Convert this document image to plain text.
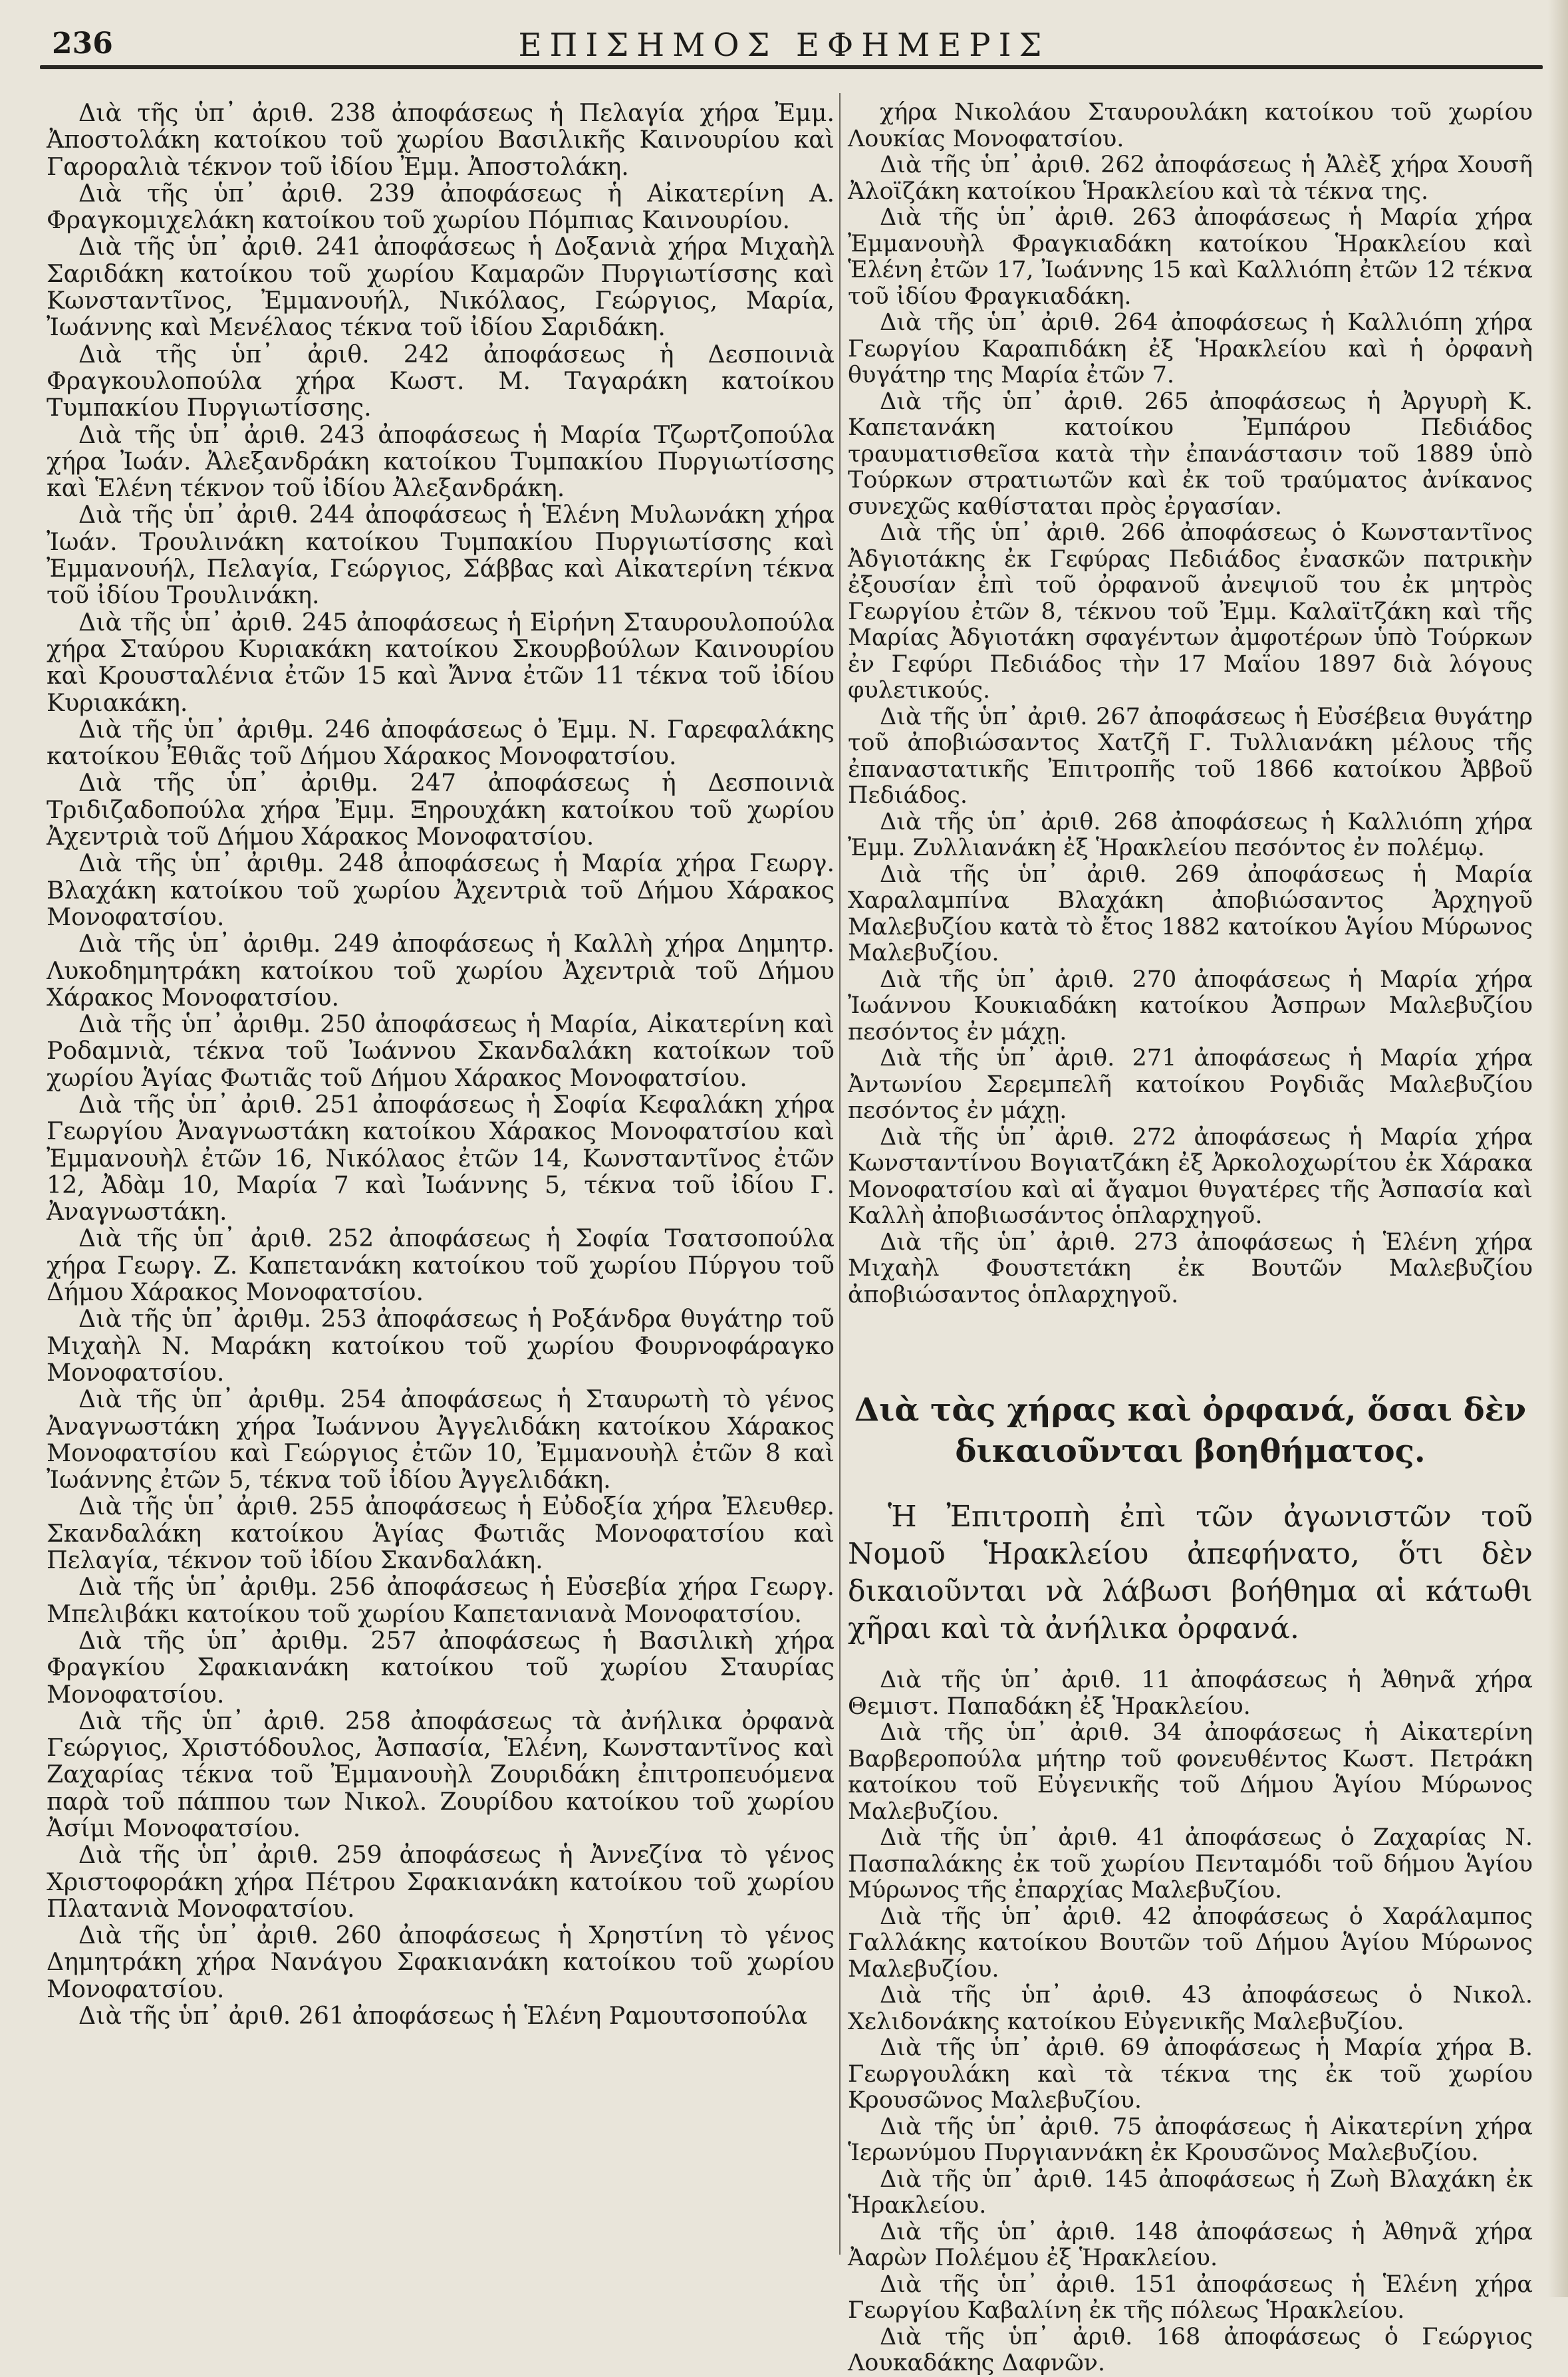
236	ΕΠΙΣΗΜΟΣ ΕΦΗΜΕΡΙΣ

Διὰ τῆς ὑπ᾿ ἀριθ. 238 ἀποφάσεως ἡ Πελαγία χήρα Ἐμμ. Ἀποστολάκη κατοίκου τοῦ χωρίου Βασιλικῆς Καινουρίου καὶ Γαροραλιὰ τέκνον τοῦ ἰδίου Ἐμμ. Ἀποστολάκη.

Διὰ τῆς ὑπ᾿ ἀριθ. 239 ἀποφάσεως ἡ Αἰκατερίνη Α. Φραγκομιχελάκη κατοίκου τοῦ χωρίου Πόμπιας Καινουρίου.

Διὰ τῆς ὑπ᾿ ἀριθ. 241 ἀποφάσεως ἡ Δοξανιὰ χήρα Μιχαὴλ Σαριδάκη κατοίκου τοῦ χωρίου Καμαρῶν Πυργιωτίσσης καὶ Κωνσταντῖνος, Ἐμμανουήλ, Νικόλαος, Γεώργιος, Μαρία, Ἰωάννης καὶ Μενέλαος τέκνα τοῦ ἰδίου Σαριδάκη.

Διὰ τῆς ὑπ᾿ ἀριθ. 242 ἀποφάσεως ἡ Δεσποινιὰ Φραγκουλοπούλα χήρα Κωστ. Μ. Ταγαράκη κατοίκου Τυμπακίου Πυργιωτίσσης.

Διὰ τῆς ὑπ᾿ ἀριθ. 243 ἀποφάσεως ἡ Μαρία Τζωρτζοπούλα χήρα Ἰωάν. Ἀλεξανδράκη κατοίκου Τυμπακίου Πυργιωτίσσης καὶ Ἑλένη τέκνον τοῦ ἰδίου Ἀλεξανδράκη.

Διὰ τῆς ὑπ᾿ ἀριθ. 244 ἀποφάσεως ἡ Ἑλένη Μυλωνάκη χήρα Ἰωάν. Τρουλινάκη κατοίκου Τυμπακίου Πυργιωτίσσης καὶ Ἐμμανουήλ, Πελαγία, Γεώργιος, Σάββας καὶ Αἰκατερίνη τέκνα τοῦ ἰδίου Τρουλινάκη.

Διὰ τῆς ὑπ᾿ ἀριθ. 245 ἀποφάσεως ἡ Εἰρήνη Σταυρουλοπούλα χήρα Σταύρου Κυριακάκη κατοίκου Σκουρβούλων Καινουρίου καὶ Κρουσταλένια ἐτῶν 15 καὶ Ἄννα ἐτῶν 11 τέκνα τοῦ ἰδίου Κυριακάκη.

Διὰ τῆς ὑπ᾿ ἀριθμ. 246 ἀποφάσεως ὁ Ἐμμ. Ν. Γαρεφαλάκης κατοίκου Ἐθιᾶς τοῦ Δήμου Χάρακος Μονοφατσίου.

Διὰ τῆς ὑπ᾿ ἀριθμ. 247 ἀποφάσεως ἡ Δεσποινιὰ Τριδιζαδοπούλα χήρα Ἐμμ. Ξηρουχάκη κατοίκου τοῦ χωρίου Ἀχεντριὰ τοῦ Δήμου Χάρακος Μονοφατσίου.

Διὰ τῆς ὑπ᾿ ἀριθμ. 248 ἀποφάσεως ἡ Μαρία χήρα Γεωργ. Βλαχάκη κατοίκου τοῦ χωρίου Ἀχεντριὰ τοῦ Δήμου Χάρακος Μονοφατσίου.

Διὰ τῆς ὑπ᾿ ἀριθμ. 249 ἀποφάσεως ἡ Καλλὴ χήρα Δημητρ. Λυκοδημητράκη κατοίκου τοῦ χωρίου Ἀχεντριὰ τοῦ Δήμου Χάρακος Μονοφατσίου.

Διὰ τῆς ὑπ᾿ ἀριθμ. 250 ἀποφάσεως ἡ Μαρία, Αἰκατερίνη καὶ Ροδαμνιὰ, τέκνα τοῦ Ἰωάννου Σκανδαλάκη κατοίκων τοῦ χωρίου Ἁγίας Φωτιᾶς τοῦ Δήμου Χάρακος Μονοφατσίου.

Διὰ τῆς ὑπ᾿ ἀριθ. 251 ἀποφάσεως ἡ Σοφία Κεφαλάκη χήρα Γεωργίου Ἀναγνωστάκη κατοίκου Χάρακος Μονοφατσίου καὶ Ἐμμανουὴλ ἐτῶν 16, Νικόλαος ἐτῶν 14, Κωνσταντῖνος ἐτῶν 12, Ἀδὰμ 10, Μαρία 7 καὶ Ἰωάννης 5, τέκνα τοῦ ἰδίου Γ. Ἀναγνωστάκη.

Διὰ τῆς ὑπ᾿ ἀριθ. 252 ἀποφάσεως ἡ Σοφία Τσατσοπούλα χήρα Γεωργ. Ζ. Καπετανάκη κατοίκου τοῦ χωρίου Πύργου τοῦ Δήμου Χάρακος Μονοφατσίου.

Διὰ τῆς ὑπ᾿ ἀριθμ. 253 ἀποφάσεως ἡ Ροξάνδρα θυγάτηρ τοῦ Μιχαὴλ Ν. Μαράκη κατοίκου τοῦ χωρίου Φουρνοφάραγκο Μονοφατσίου.

Διὰ τῆς ὑπ᾿ ἀριθμ. 254 ἀποφάσεως ἡ Σταυρωτὴ τὸ γένος Ἀναγνωστάκη χήρα Ἰωάννου Ἀγγελιδάκη κατοίκου Χάρακος Μονοφατσίου καὶ Γεώργιος ἐτῶν 10, Ἐμμανουὴλ ἐτῶν 8 καὶ Ἰωάννης ἐτῶν 5, τέκνα τοῦ ἰδίου Ἀγγελιδάκη.

Διὰ τῆς ὑπ᾿ ἀριθ. 255 ἀποφάσεως ἡ Εὐδοξία χήρα Ἐλευθερ. Σκανδαλάκη κατοίκου Ἁγίας Φωτιᾶς Μονοφατσίου καὶ Πελαγία, τέκνον τοῦ ἰδίου Σκανδαλάκη.

Διὰ τῆς ὑπ᾿ ἀριθμ. 256 ἀποφάσεως ἡ Εὐσεβία χήρα Γεωργ. Μπελιβάκι κατοίκου τοῦ χωρίου Καπετανιανὰ Μονοφατσίου.

Διὰ τῆς ὑπ᾿ ἀριθμ. 257 ἀποφάσεως ἡ Βασιλικὴ χήρα Φραγκίου Σφακιανάκη κατοίκου τοῦ χωρίου Σταυρίας Μονοφατσίου.

Διὰ τῆς ὑπ᾿ ἀριθ. 258 ἀποφάσεως τὰ ἀνήλικα ὀρφανὰ Γεώργιος, Χριστόδουλος, Ἀσπασία, Ἑλένη, Κωνσταντῖνος καὶ Ζαχαρίας τέκνα τοῦ Ἐμμανουὴλ Ζουριδάκη ἐπιτροπευόμενα παρὰ τοῦ πάππου των Νικολ. Ζουρίδου κατοίκου τοῦ χωρίου Ἀσίμι Μονοφατσίου.

Διὰ τῆς ὑπ᾿ ἀριθ. 259 ἀποφάσεως ἡ Ἀννεζίνα τὸ γένος Χριστοφοράκη χήρα Πέτρου Σφακιανάκη κατοίκου τοῦ χωρίου Πλατανιὰ Μονοφατσίου.

Διὰ τῆς ὑπ᾿ ἀριθ. 260 ἀποφάσεως ἡ Χρηστίνη τὸ γένος Δημητράκη χήρα Νανάγου Σφακιανάκη κατοίκου τοῦ χωρίου Μονοφατσίου.

Διὰ τῆς ὑπ᾿ ἀριθ. 261 ἀποφάσεως ἡ Ἑλένη Ραμουτσοπούλα

χήρα Νικολάου Σταυρουλάκη κατοίκου τοῦ χωρίου Λουκίας Μονοφατσίου.

Διὰ τῆς ὑπ᾿ ἀριθ. 262 ἀποφάσεως ἡ Ἀλὲξ χήρα Χουσῆ Ἀλοϊζάκη κατοίκου Ἡρακλείου καὶ τὰ τέκνα της.

Διὰ τῆς ὑπ᾿ ἀριθ. 263 ἀποφάσεως ἡ Μαρία χήρα Ἐμμανουὴλ Φραγκιαδάκη κατοίκου Ἡρακλείου καὶ Ἑλένη ἐτῶν 17, Ἰωάννης 15 καὶ Καλλιόπη ἐτῶν 12 τέκνα τοῦ ἰδίου Φραγκιαδάκη.

Διὰ τῆς ὑπ᾿ ἀριθ. 264 ἀποφάσεως ἡ Καλλιόπη χήρα Γεωργίου Καραπιδάκη ἐξ Ἡρακλείου καὶ ἡ ὀρφανὴ θυγάτηρ της Μαρία ἐτῶν 7.

Διὰ τῆς ὑπ᾿ ἀριθ. 265 ἀποφάσεως ἡ Ἀργυρὴ Κ. Καπετανάκη κατοίκου Ἐμπάρου Πεδιάδος τραυματισθεῖσα κατὰ τὴν ἐπανάστασιν τοῦ 1889 ὑπὸ Τούρκων στρατιωτῶν καὶ ἐκ τοῦ τραύματος ἀνίκανος συνεχῶς καθίσταται πρὸς ἐργασίαν.

Διὰ τῆς ὑπ᾿ ἀριθ. 266 ἀποφάσεως ὁ Κωνσταντῖνος Ἀδγιοτάκης ἐκ Γεφύρας Πεδιάδος ἐνασκῶν πατρικὴν ἐξουσίαν ἐπὶ τοῦ ὀρφανοῦ ἀνεψιοῦ του ἐκ μητρὸς Γεωργίου ἐτῶν 8, τέκνου τοῦ Ἐμμ. Καλαϊτζάκη καὶ τῆς Μαρίας Ἀδγιοτάκη σφαγέντων ἀμφοτέρων ὑπὸ Τούρκων ἐν Γεφύρι Πεδιάδος τὴν 17 Μαΐου 1897 διὰ λόγους φυλετικούς.

Διὰ τῆς ὑπ᾿ ἀριθ. 267 ἀποφάσεως ἡ Εὐσέβεια θυγάτηρ τοῦ ἀποβιώσαντος Χατζῆ Γ. Τυλλιανάκη μέλους τῆς ἐπαναστατικῆς Ἐπιτροπῆς τοῦ 1866 κατοίκου Ἀββοῦ Πεδιάδος.

Διὰ τῆς ὑπ᾿ ἀριθ. 268 ἀποφάσεως ἡ Καλλιόπη χήρα Ἐμμ. Ζυλλιανάκη ἐξ Ἡρακλείου πεσόντος ἐν πολέμῳ.

Διὰ τῆς ὑπ᾿ ἀριθ. 269 ἀποφάσεως ἡ Μαρία Χαραλαμπίνα Βλαχάκη ἀποβιώσαντος Ἀρχηγοῦ Μαλεβυζίου κατὰ τὸ ἔτος 1882 κατοίκου Ἁγίου Μύρωνος Μαλεβυζίου.

Διὰ τῆς ὑπ᾿ ἀριθ. 270 ἀποφάσεως ἡ Μαρία χήρα Ἰωάννου Κουκιαδάκη κατοίκου Ἀσπρων Μαλεβυζίου πεσόντος ἐν μάχῃ.

Διὰ τῆς ὑπ᾿ ἀριθ. 271 ἀποφάσεως ἡ Μαρία χήρα Ἀντωνίου Σερεμπελῆ κατοίκου Ρογδιᾶς Μαλεβυζίου πεσόντος ἐν μάχῃ.

Διὰ τῆς ὑπ᾿ ἀριθ. 272 ἀποφάσεως ἡ Μαρία χήρα Κωνσταντίνου Βογιατζάκη ἐξ Ἀρκολοχωρίτου ἐκ Χάρακα Μονοφατσίου καὶ αἱ ἄγαμοι θυγατέρες τῆς Ἀσπασία καὶ Καλλὴ ἀποβιωσάντος ὁπλαρχηγοῦ.

Διὰ τῆς ὑπ᾿ ἀριθ. 273 ἀποφάσεως ἡ Ἑλένη χήρα Μιχαὴλ Φουστετάκη ἐκ Βουτῶν Μαλεβυζίου ἀποβιώσαντος ὁπλαρχηγοῦ.

Διὰ τὰς χήρας καὶ ὀρφανά, ὅσαι δὲν δικαιοῦνται βοηθήματος.

Ἡ Ἐπιτροπὴ ἐπὶ τῶν ἀγωνιστῶν τοῦ Νομοῦ Ἡρακλείου ἀπεφήνατο, ὅτι δὲν δικαιοῦνται νὰ λάβωσι βοήθημα αἱ κάτωθι χῆραι καὶ τὰ ἀνήλικα ὀρφανά.

Διὰ τῆς ὑπ᾿ ἀριθ. 11 ἀποφάσεως ἡ Ἀθηνᾶ χήρα Θεμιστ. Παπαδάκη ἐξ Ἡρακλείου.

Διὰ τῆς ὑπ᾿ ἀριθ. 34 ἀποφάσεως ἡ Αἰκατερίνη Βαρβεροπούλα μήτηρ τοῦ φονευθέντος Κωστ. Πετράκη κατοίκου τοῦ Εὐγενικῆς τοῦ Δήμου Ἁγίου Μύρωνος Μαλεβυζίου.

Διὰ τῆς ὑπ᾿ ἀριθ. 41 ἀποφάσεως ὁ Ζαχαρίας Ν. Πασπαλάκης ἐκ τοῦ χωρίου Πενταμόδι τοῦ δήμου Ἁγίου Μύρωνος τῆς ἐπαρχίας Μαλεβυζίου.

Διὰ τῆς ὑπ᾿ ἀριθ. 42 ἀποφάσεως ὁ Χαράλαμπος Γαλλάκης κατοίκου Βουτῶν τοῦ Δήμου Ἁγίου Μύρωνος Μαλεβυζίου.

Διὰ τῆς ὑπ᾿ ἀριθ. 43 ἀποφάσεως ὁ Νικολ. Χελιδονάκης κατοίκου Εὐγενικῆς Μαλεβυζίου.

Διὰ τῆς ὑπ᾿ ἀριθ. 69 ἀποφάσεως ἡ Μαρία χήρα Β. Γεωργουλάκη καὶ τὰ τέκνα της ἐκ τοῦ χωρίου Κρουσῶνος Μαλεβυζίου.

Διὰ τῆς ὑπ᾿ ἀριθ. 75 ἀποφάσεως ἡ Αἰκατερίνη χήρα Ἱερωνύμου Πυργιαννάκη ἐκ Κρουσῶνος Μαλεβυζίου.

Διὰ τῆς ὑπ᾿ ἀριθ. 145 ἀποφάσεως ἡ Ζωὴ Βλαχάκη ἐκ Ἡρακλείου.

Διὰ τῆς ὑπ᾿ ἀριθ. 148 ἀποφάσεως ἡ Ἀθηνᾶ χήρα Ἀαρὼν Πολέμου ἐξ Ἡρακλείου.

Διὰ τῆς ὑπ᾿ ἀριθ. 151 ἀποφάσεως ἡ Ἑλένη χήρα Γεωργίου Καβαλίνη ἐκ τῆς πόλεως Ἡρακλείου.

Διὰ τῆς ὑπ᾿ ἀριθ. 168 ἀποφάσεως ὁ Γεώργιος Λουκαδάκης Δαφνῶν.
